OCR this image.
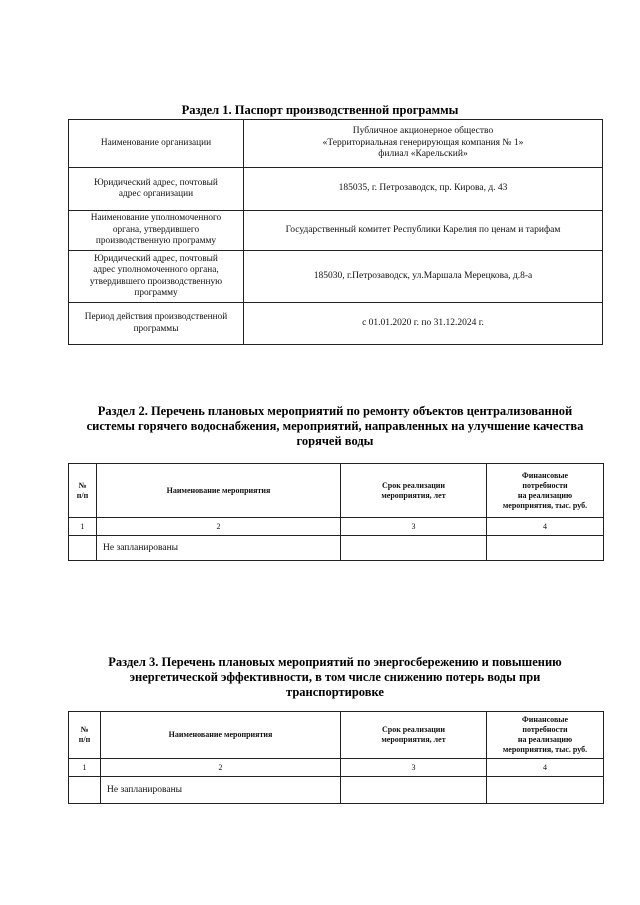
Раздел 1. Паспорт производственной программы
Наименование организации	Публичное акционерное общество
«Территориальная генерирующая компания № 1»
филиал «Карельский»

Юридический адрес, почтовый
адрес организации	185035, г. Петрозаводск, пр. Кирова, д. 43

Наименование уполномоченного
органа, утвердившего
производственную программу	Государственный комитет Республики Карелия по ценам и тарифам

Юридический адрес, почтовый
адрес уполномоченного органа,
утвердившего производственную
программу	185030, г.Петрозаводск, ул.Маршала Мерецкова, д.8-а

Период действия производственной
программы	с 01.01.2020 г. по 31.12.2024 г.
Раздел 2. Перечень плановых мероприятий по ремонту объектов централизованной
системы горячего водоснабжения, мероприятий, направленных на улучшение качества
горячей воды
№
п/п	Наименование мероприятия	Срок реализации
мероприятия, лет	Финансовые
потребности
на реализацию
мероприятия, тыс. руб.

1	2	3	4
	Не запланированы		
Раздел 3. Перечень плановых мероприятий по энергосбережению и повышению
энергетической эффективности, в том числе снижению потерь воды при
транспортировке
№
п/п	Наименование мероприятия	Срок реализации
мероприятия, лет	Финансовые
потребности
на реализацию
мероприятия, тыс. руб.

1	2	3	4
	Не запланированы		
